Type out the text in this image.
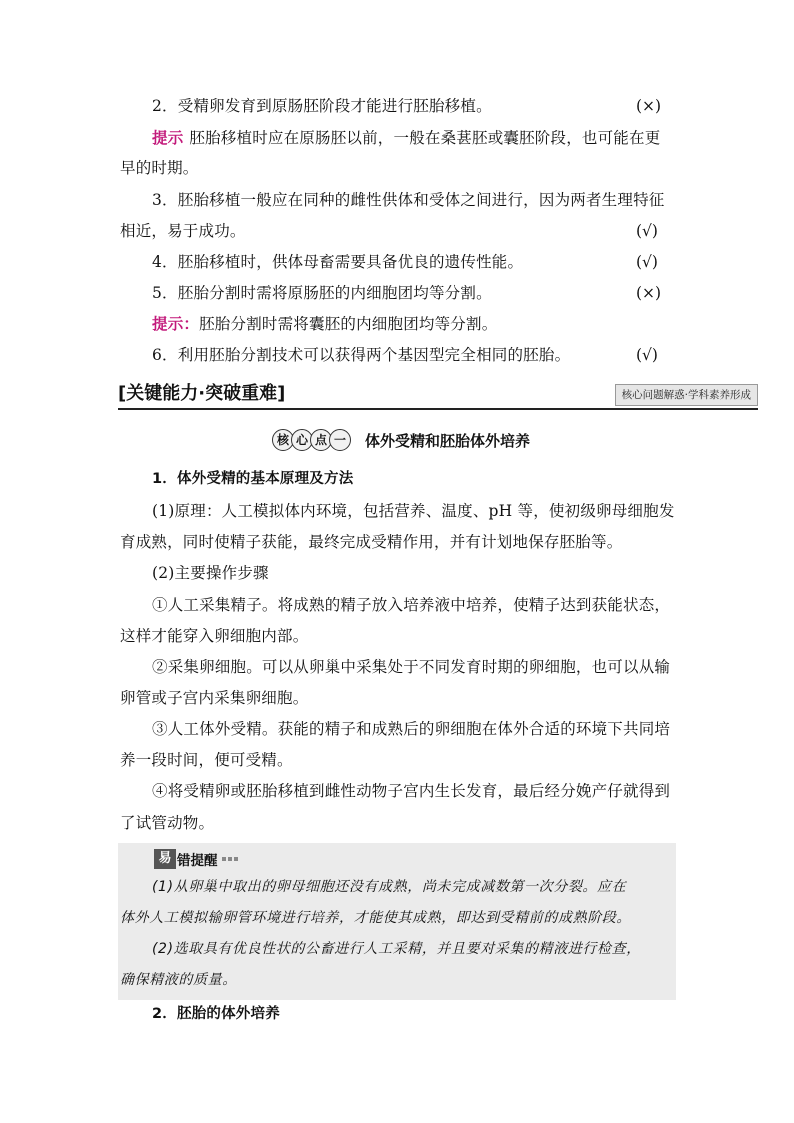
2．受精卵发育到原肠胚阶段才能进行胚胎移植。	(×)
提示 胚胎移植时应在原肠胚以前，一般在桑葚胚或囊胚阶段，也可能在更
早的时期。
3．胚胎移植一般应在同种的雌性供体和受体之间进行，因为两者生理特征
相近，易于成功。	(√)
4．胚胎移植时，供体母畜需要具备优良的遗传性能。	(√)
5．胚胎分割时需将原肠胚的内细胞团均等分割。	(×)
提示：胚胎分割时需将囊胚的内细胞团均等分割。
6．利用胚胎分割技术可以获得两个基因型完全相同的胚胎。	(√)
[关键能力·突破重难]	核心问题解惑·学科素养形成
核 心 点 一	体外受精和胚胎体外培养
1．体外受精的基本原理及方法
(1)原理：人工模拟体内环境，包括营养、温度、pH 等，使初级卵母细胞发
育成熟，同时使精子获能，最终完成受精作用，并有计划地保存胚胎等。
(2)主要操作步骤
①人工采集精子。将成熟的精子放入培养液中培养，使精子达到获能状态，
这样才能穿入卵细胞内部。
②采集卵细胞。可以从卵巢中采集处于不同发育时期的卵细胞，也可以从输
卵管或子宫内采集卵细胞。
③人工体外受精。获能的精子和成熟后的卵细胞在体外合适的环境下共同培
养一段时间，便可受精。
④将受精卵或胚胎移植到雌性动物子宫内生长发育，最后经分娩产仔就得到
了试管动物。
易 错提醒
(1)从卵巢中取出的卵母细胞还没有成熟，尚未完成减数第一次分裂。应在
体外人工模拟输卵管环境进行培养，才能使其成熟，即达到受精前的成熟阶段。
(2)选取具有优良性状的公畜进行人工采精，并且要对采集的精液进行检查，
确保精液的质量。
2．胚胎的体外培养
